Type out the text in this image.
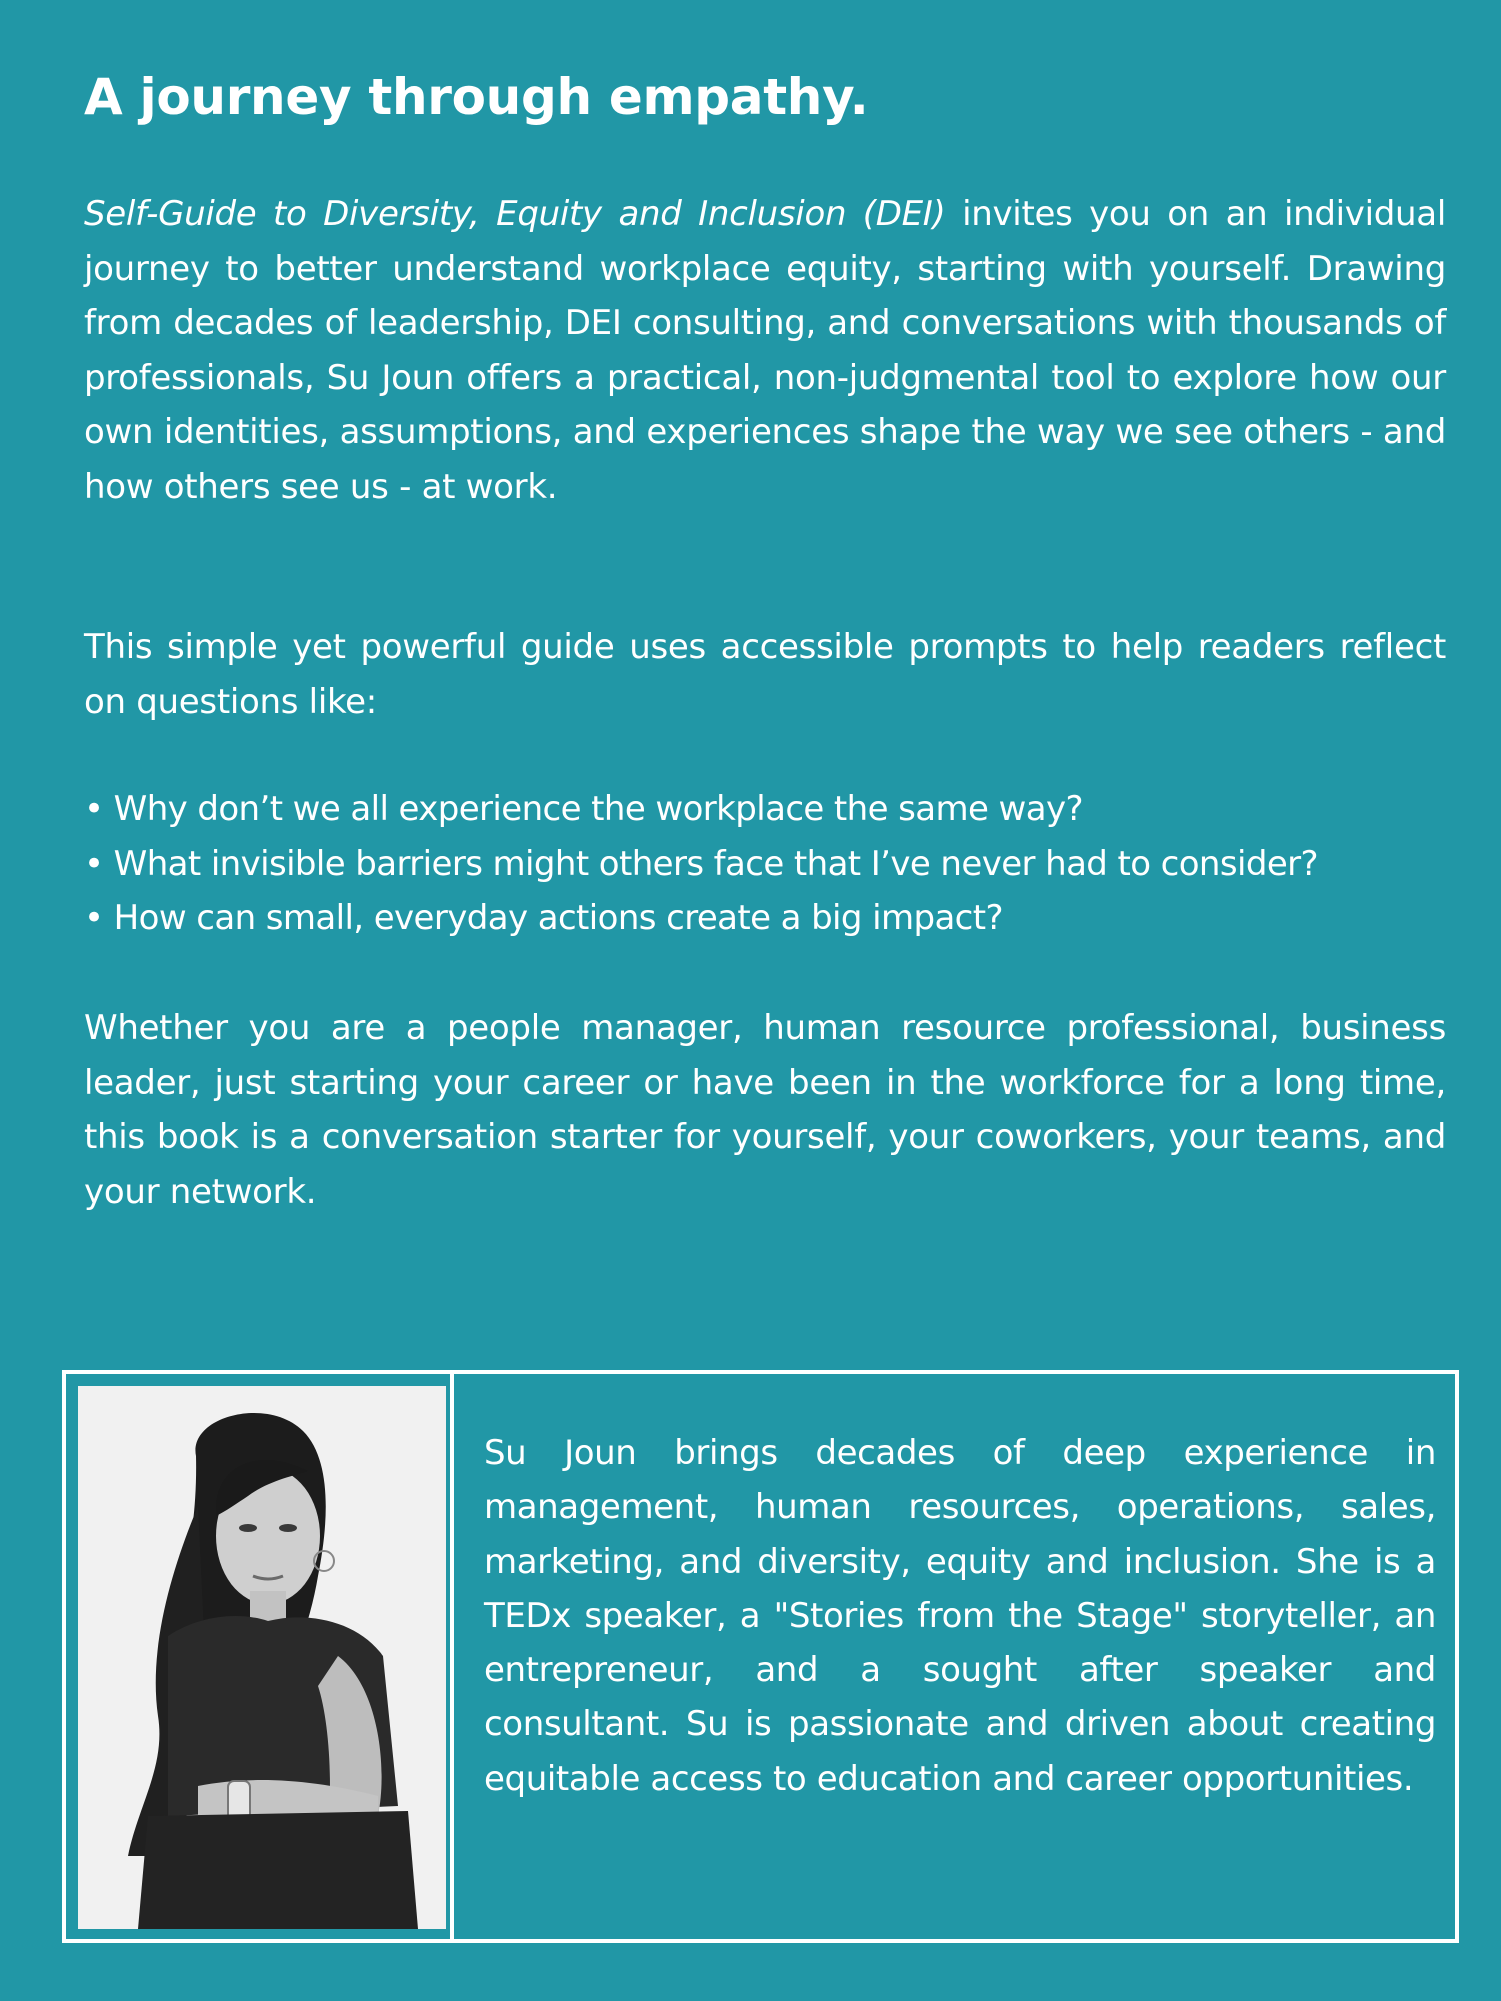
A journey through empathy.

Self-Guide to Diversity, Equity and Inclusion (DEI) invites you on an individual journey to better understand workplace equity, starting with yourself. Drawing from decades of leadership, DEI consulting, and conversations with thousands of professionals, Su Joun offers a practical, non-judgmental tool to explore how our own identities, assumptions, and experiences shape the way we see others - and how others see us - at work.

This simple yet powerful guide uses accessible prompts to help readers reflect on questions like:

• Why don’t we all experience the workplace the same way?
• What invisible barriers might others face that I’ve never had to consider?
• How can small, everyday actions create a big impact?

Whether you are a people manager, human resource professional, business leader, just starting your career or have been in the workforce for a long time, this book is a conversation starter for yourself, your coworkers, your teams, and your network.

Su Joun brings decades of deep experience in management, human resources, operations, sales, marketing, and diversity, equity and inclusion. She is a TEDx speaker, a "Stories from the Stage" storyteller, an entrepreneur, and a sought after speaker and consultant. Su is passionate and driven about creating equitable access to education and career opportunities.
